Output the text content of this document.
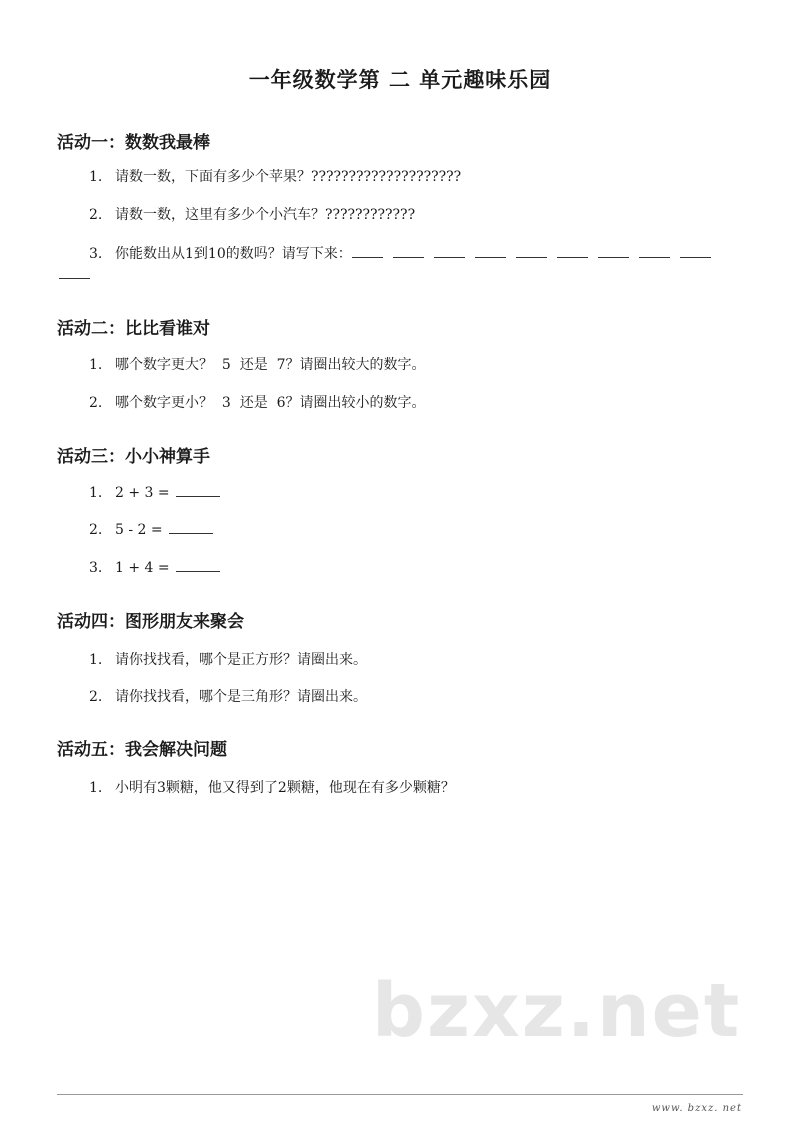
一年级数学第 二 单元趣味乐园
活动一：数数我最棒
1. 请数一数，下面有多少个苹果？????????????????????
2. 请数一数，这里有多少个小汽车？????????????
3. 你能数出从1到10的数吗？请写下来：
活动二：比比看谁对
1. 哪个数字更大？  5  还是  7？请圈出较大的数字。
2. 哪个数字更小？  3  还是  6？请圈出较小的数字。
活动三：小小神算手
1. 2 + 3 =
2. 5 - 2 =
3. 1 + 4 =
活动四：图形朋友来聚会
1. 请你找找看，哪个是正方形？请圈出来。
2. 请你找找看，哪个是三角形？请圈出来。
活动五：我会解决问题
1. 小明有3颗糖，他又得到了2颗糖，他现在有多少颗糖？
bzxz.net
www. bzxz. net
